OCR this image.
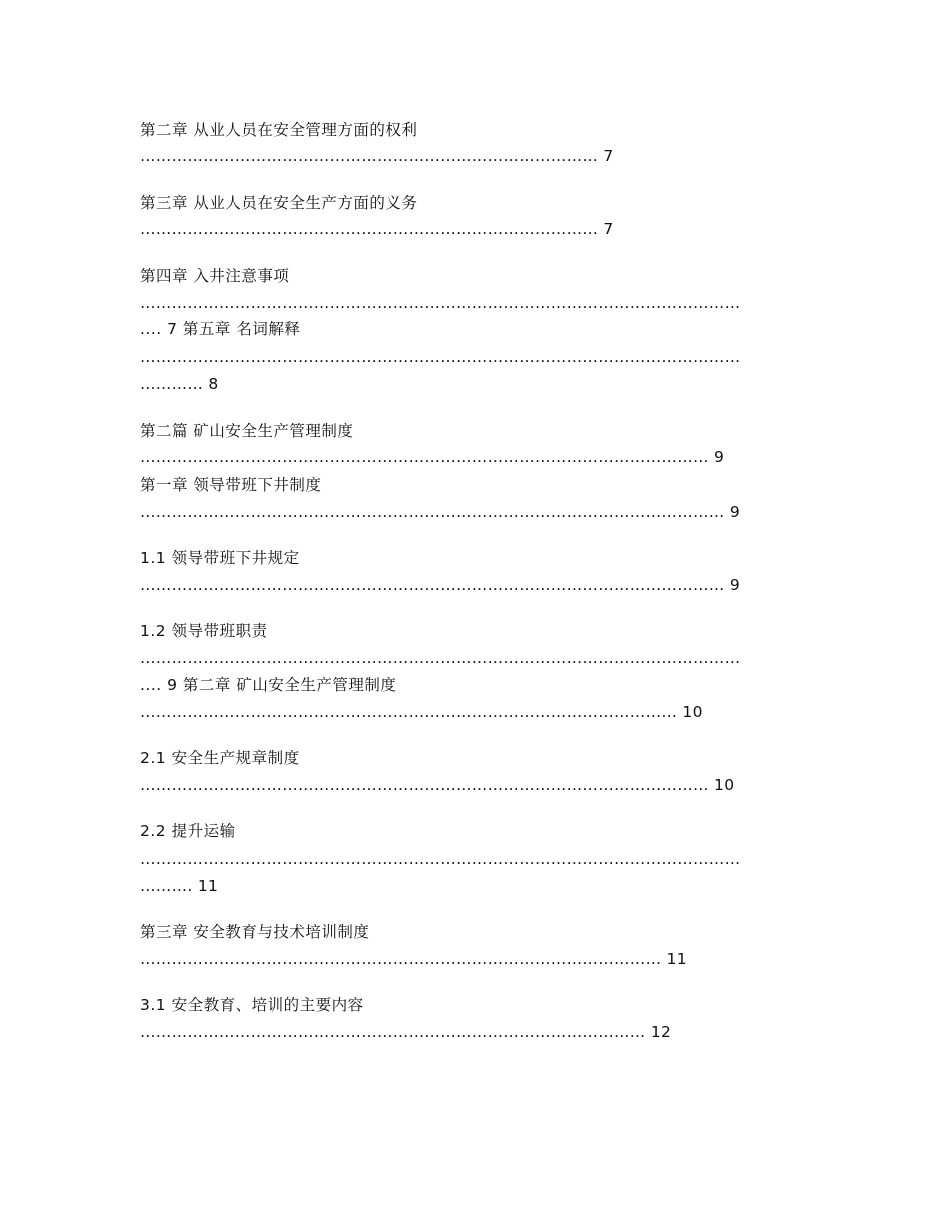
第二章 从业人员在安全管理方面的权利
…………………………………………………………………………… 7
第三章 从业人员在安全生产方面的义务
…………………………………………………………………………… 7
第四章 入井注意事项
……………………………………………………………………………………………………
.... 7 第五章 名词解释
……………………………………………………………………………………………………
………… 8
第二篇 矿山安全生产管理制度
……………………………………………………………………………………………… 9
第一章 领导带班下井制度
………………………………………………………………………………………………… 9
1.1 领导带班下井规定
………………………………………………………………………………………………… 9
1.2 领导带班职责
……………………………………………………………………………………………………
.... 9 第二章 矿山安全生产管理制度
………………………………………………………………………………………… 10
2.1 安全生产规章制度
……………………………………………………………………………………………… 10
2.2 提升运输
……………………………………………………………………………………………………
………. 11
第三章 安全教育与技术培训制度
……………………………………………………………………………………… 11
3.1 安全教育、培训的主要内容
…………………………………………………………………………………… 12
